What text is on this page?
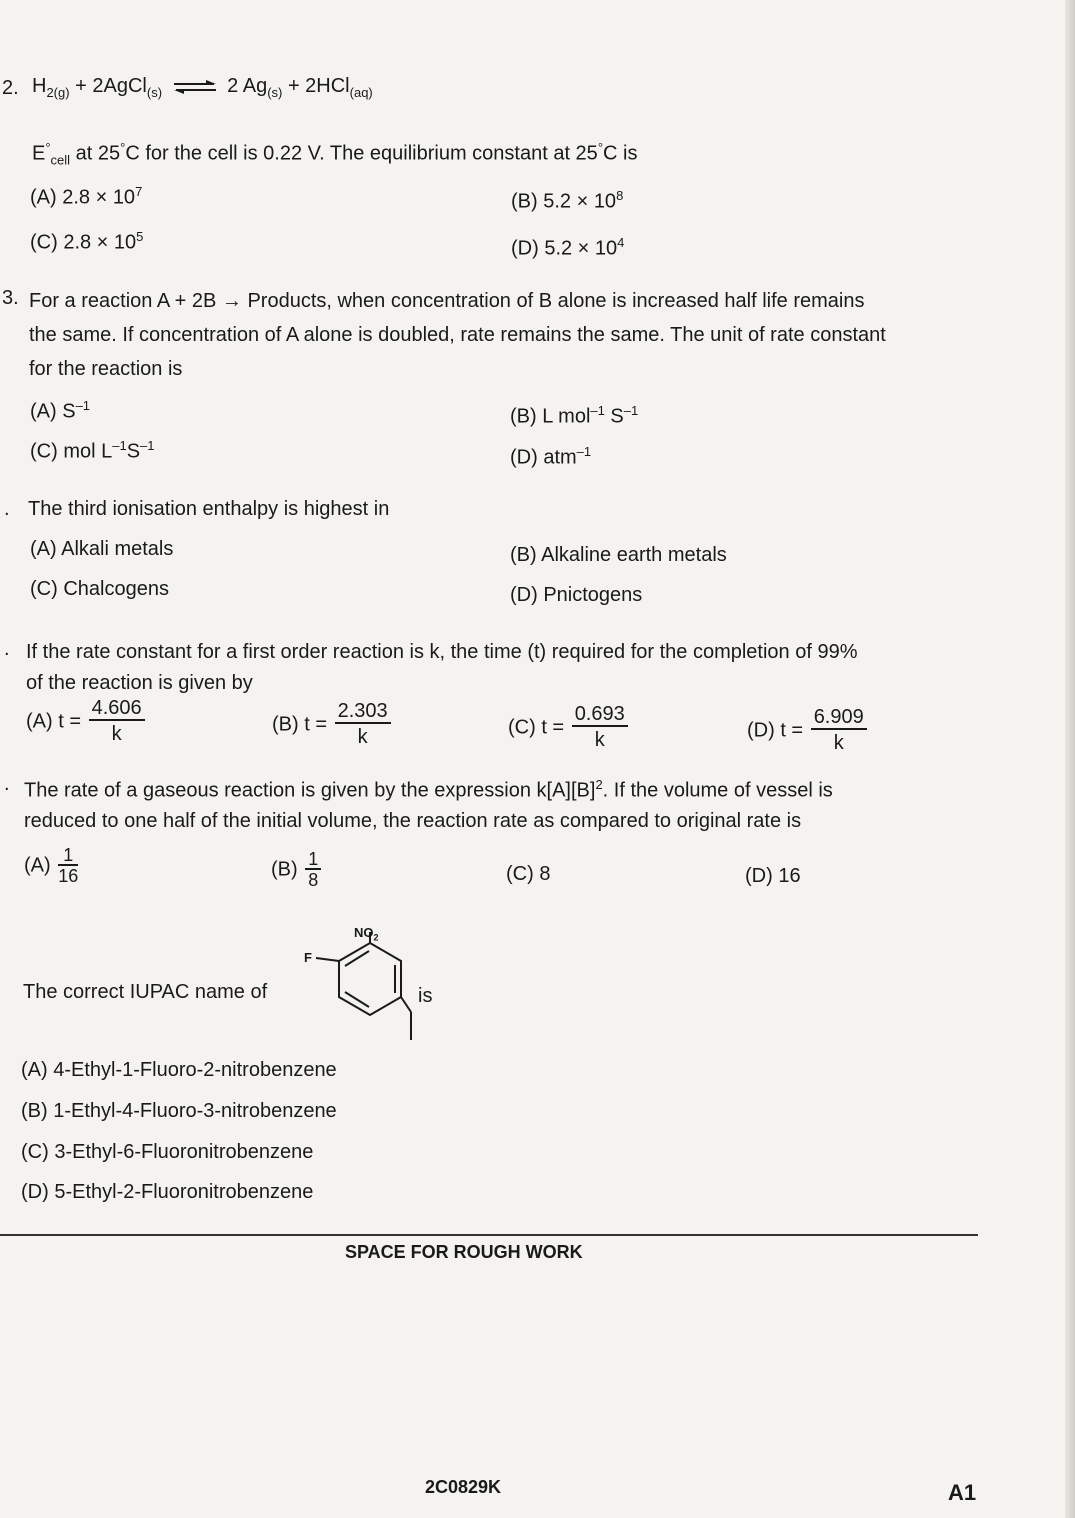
2. $H_{2(g)}$ + 2AgCl$_{(s)}$ ⇌ 2 $Ag_{(s)} + 2HCl_{(aq)}$
$E^\circ_{cell}$ at 25°C for the cell is 0.22 V. The equilibrium constant at 25°C is
(A) $2.8 \times 10^7$	(B) $5.2 \times 10^8$
(C) $2.8 \times 10^5$
(D) $5.2 \times 10^4$
3. For a reaction A + 2B → Products, when concentration of B alone is increased half life remains
the same. If concentration of A alone is doubled, rate remains the same. The unit of rate constant
for the reaction is
(A) $S^{-1}$
(B) L mol$^{-1}$ $S^{-1}$
(C) mol $L^{-1}S^{-1}$
(D) atm$^{-1}$
. The third ionisation enthalpy is highest in
(A) Alkali metals	(B) Alkaline earth metals
(C) Chalcogens	(D) Pnictogens
. If the rate constant for a first order reaction is k, the time (t) required for the completion of 99%
of the reaction is given by
(A) $t = \frac{4.606}{k}$	(B) $t = \frac{2.303}{k}$	(C) $t = \frac{0.693}{k}$	(D) $t = \frac{6.909}{k}$
. The rate of a gaseous reaction is given by the expression $k[A][B]^2$. If the volume of vessel is
reduced to one half of the initial volume, the reaction rate as compared to original rate is
$(A) \frac{1}{16}$	$(B) \frac{1}{8}$	(C) 8	(D) 16
The correct IUPAC name of
$NO_2$
F
is
(A) 4-Ethyl-1-Fluoro-2-nitrobenzene
(B) 1-Ethyl-4-Fluoro-3-nitrobenzene
(C) 3-Ethyl-6-Fluoronitrobenzene
(D) 5-Ethyl-2-Fluoronitrobenzene
SPACE FOR ROUGH WORK
2C0829K	A1
